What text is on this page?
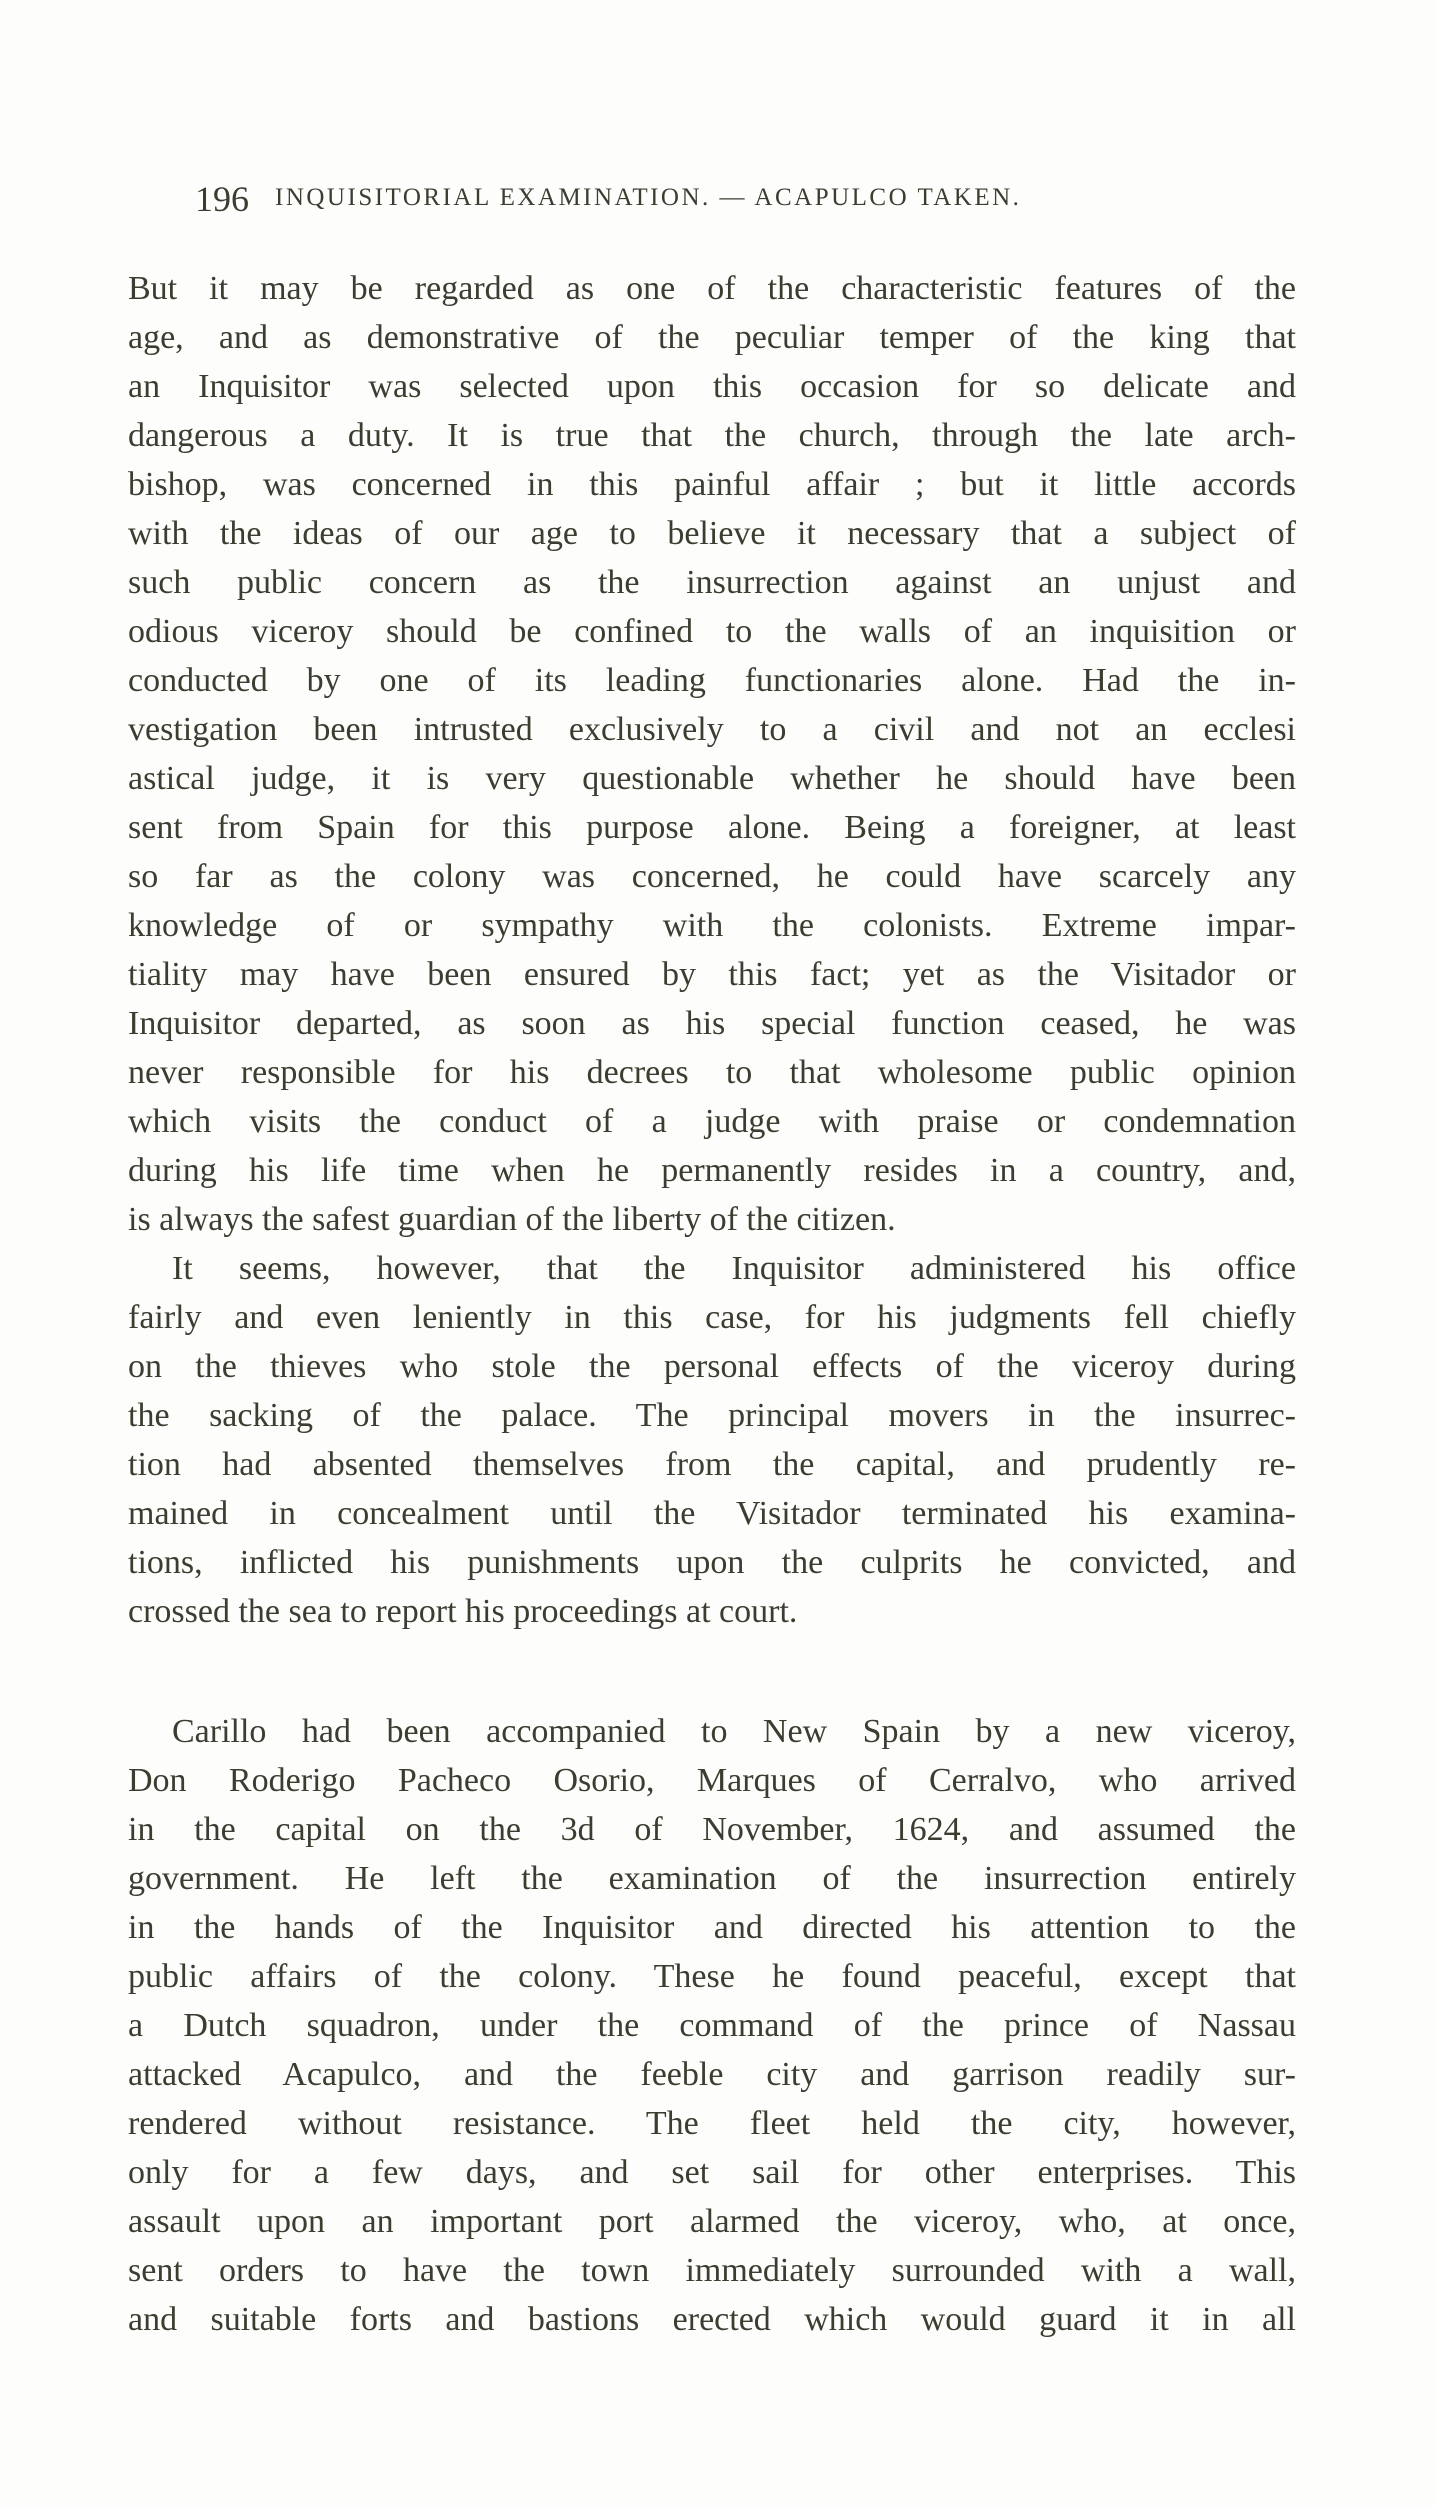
196 INQUISITORIAL EXAMINATION. — ACAPULCO TAKEN.
But it may be regarded as one of the characteristic features of the
age, and as demonstrative of the peculiar temper of the king that
an Inquisitor was selected upon this occasion for so delicate and
dangerous a duty. It is true that the church, through the late arch-
bishop, was concerned in this painful affair ; but it little accords
with the ideas of our age to believe it necessary that a subject of
such public concern as the insurrection against an unjust and
odious viceroy should be confined to the walls of an inquisition or
conducted by one of its leading functionaries alone. Had the in-
vestigation been intrusted exclusively to a civil and not an ecclesi
astical judge, it is very questionable whether he should have been
sent from Spain for this purpose alone. Being a foreigner, at least
so far as the colony was concerned, he could have scarcely any
knowledge of or sympathy with the colonists. Extreme impar-
tiality may have been ensured by this fact; yet as the Visitador or
Inquisitor departed, as soon as his special function ceased, he was
never responsible for his decrees to that wholesome public opinion
which visits the conduct of a judge with praise or condemnation
during his life time when he permanently resides in a country, and,
is always the safest guardian of the liberty of the citizen.
It seems, however, that the Inquisitor administered his office
fairly and even leniently in this case, for his judgments fell chiefly
on the thieves who stole the personal effects of the viceroy during
the sacking of the palace. The principal movers in the insurrec-
tion had absented themselves from the capital, and prudently re-
mained in concealment until the Visitador terminated his examina-
tions, inflicted his punishments upon the culprits he convicted, and
crossed the sea to report his proceedings at court.
Carillo had been accompanied to New Spain by a new viceroy,
Don Roderigo Pacheco Osorio, Marques of Cerralvo, who arrived
in the capital on the 3d of November, 1624, and assumed the
government. He left the examination of the insurrection entirely
in the hands of the Inquisitor and directed his attention to the
public affairs of the colony. These he found peaceful, except that
a Dutch squadron, under the command of the prince of Nassau
attacked Acapulco, and the feeble city and garrison readily sur-
rendered without resistance. The fleet held the city, however,
only for a few days, and set sail for other enterprises. This
assault upon an important port alarmed the viceroy, who, at once,
sent orders to have the town immediately surrounded with a wall,
and suitable forts and bastions erected which would guard it in all
